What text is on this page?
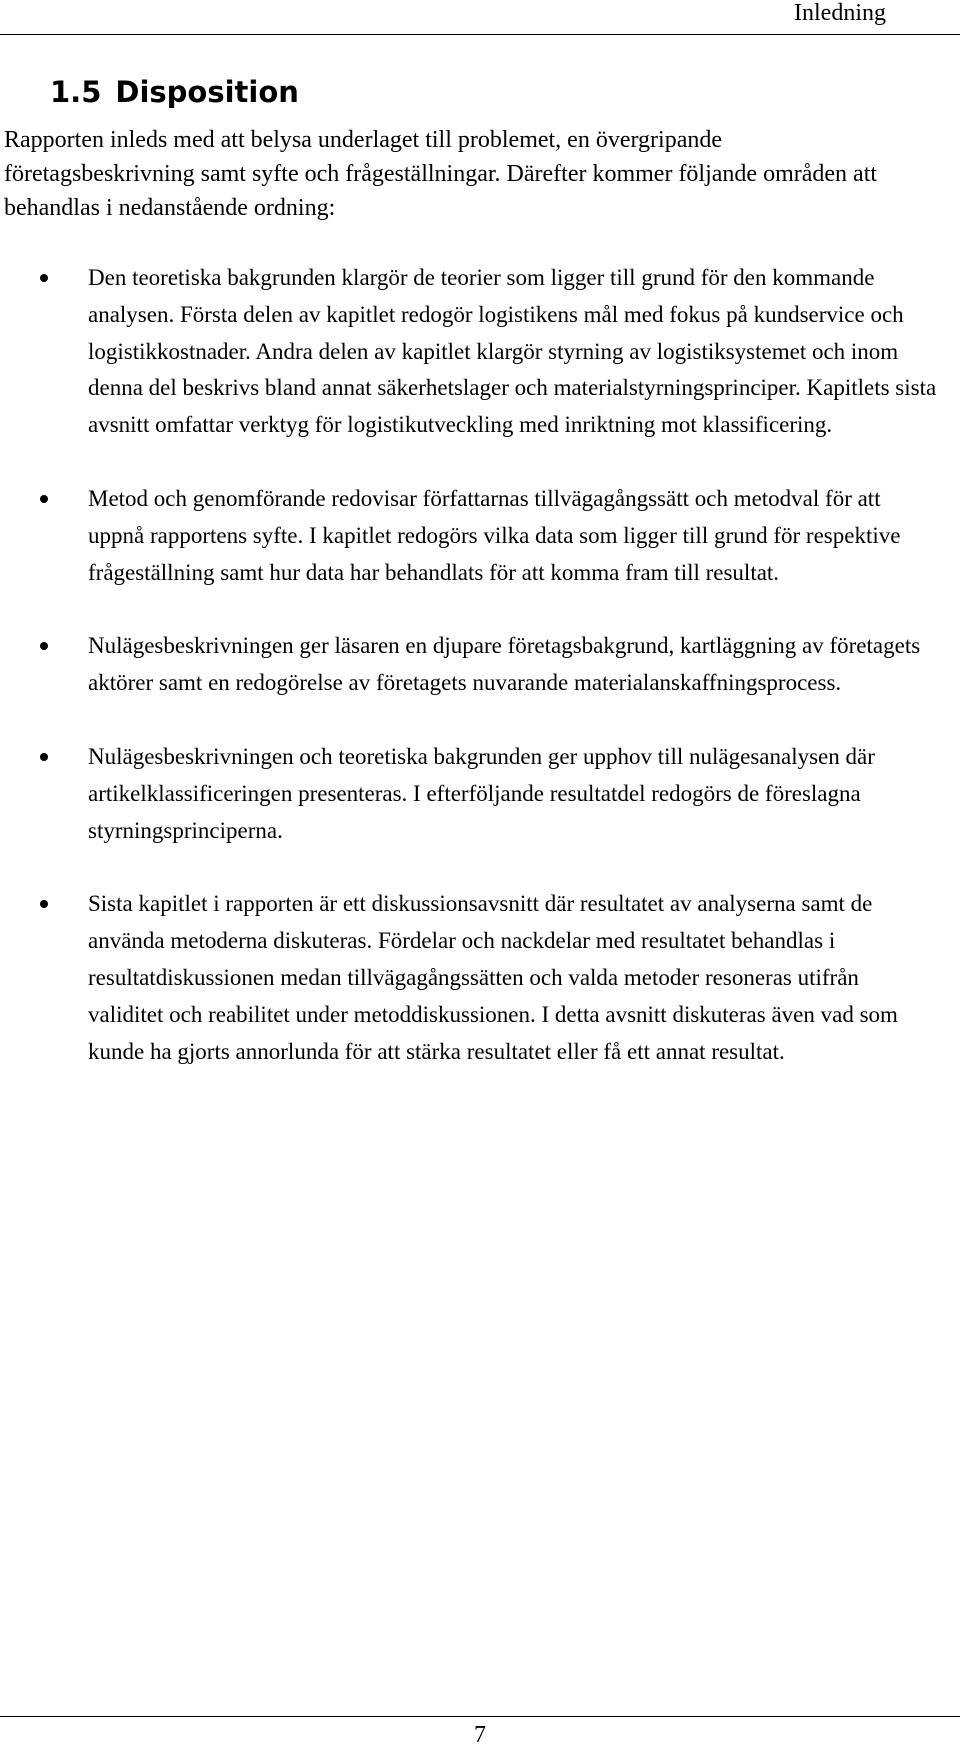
Inledning
1.5 Disposition

Rapporten inleds med att belysa underlaget till problemet, en övergripande företagsbeskrivning samt syfte och frågeställningar. Därefter kommer följande områden att behandlas i nedanstående ordning:

Den teoretiska bakgrunden klargör de teorier som ligger till grund för den kommande analysen. Första delen av kapitlet redogör logistikens mål med fokus på kundservice och logistikkostnader. Andra delen av kapitlet klargör styrning av logistiksystemet och inom denna del beskrivs bland annat säkerhetslager och materialstyrningsprinciper. Kapitlets sista avsnitt omfattar verktyg för logistikutveckling med inriktning mot klassificering.
Metod och genomförande redovisar författarnas tillvägagångssätt och metodval för att uppnå rapportens syfte. I kapitlet redogörs vilka data som ligger till grund för respektive frågeställning samt hur data har behandlats för att komma fram till resultat.
Nulägesbeskrivningen ger läsaren en djupare företagsbakgrund, kartläggning av företagets aktörer samt en redogörelse av företagets nuvarande materialanskaffningsprocess.
Nulägesbeskrivningen och teoretiska bakgrunden ger upphov till nulägesanalysen där artikelklassificeringen presenteras. I efterföljande resultatdel redogörs de föreslagna styrningsprinciperna.
Sista kapitlet i rapporten är ett diskussionsavsnitt där resultatet av analyserna samt de använda metoderna diskuteras. Fördelar och nackdelar med resultatet behandlas i resultatdiskussionen medan tillvägagångssätten och valda metoder resoneras utifrån validitet och reabilitet under metoddiskussionen. I detta avsnitt diskuteras även vad som kunde ha gjorts annorlunda för att stärka resultatet eller få ett annat resultat.
7
